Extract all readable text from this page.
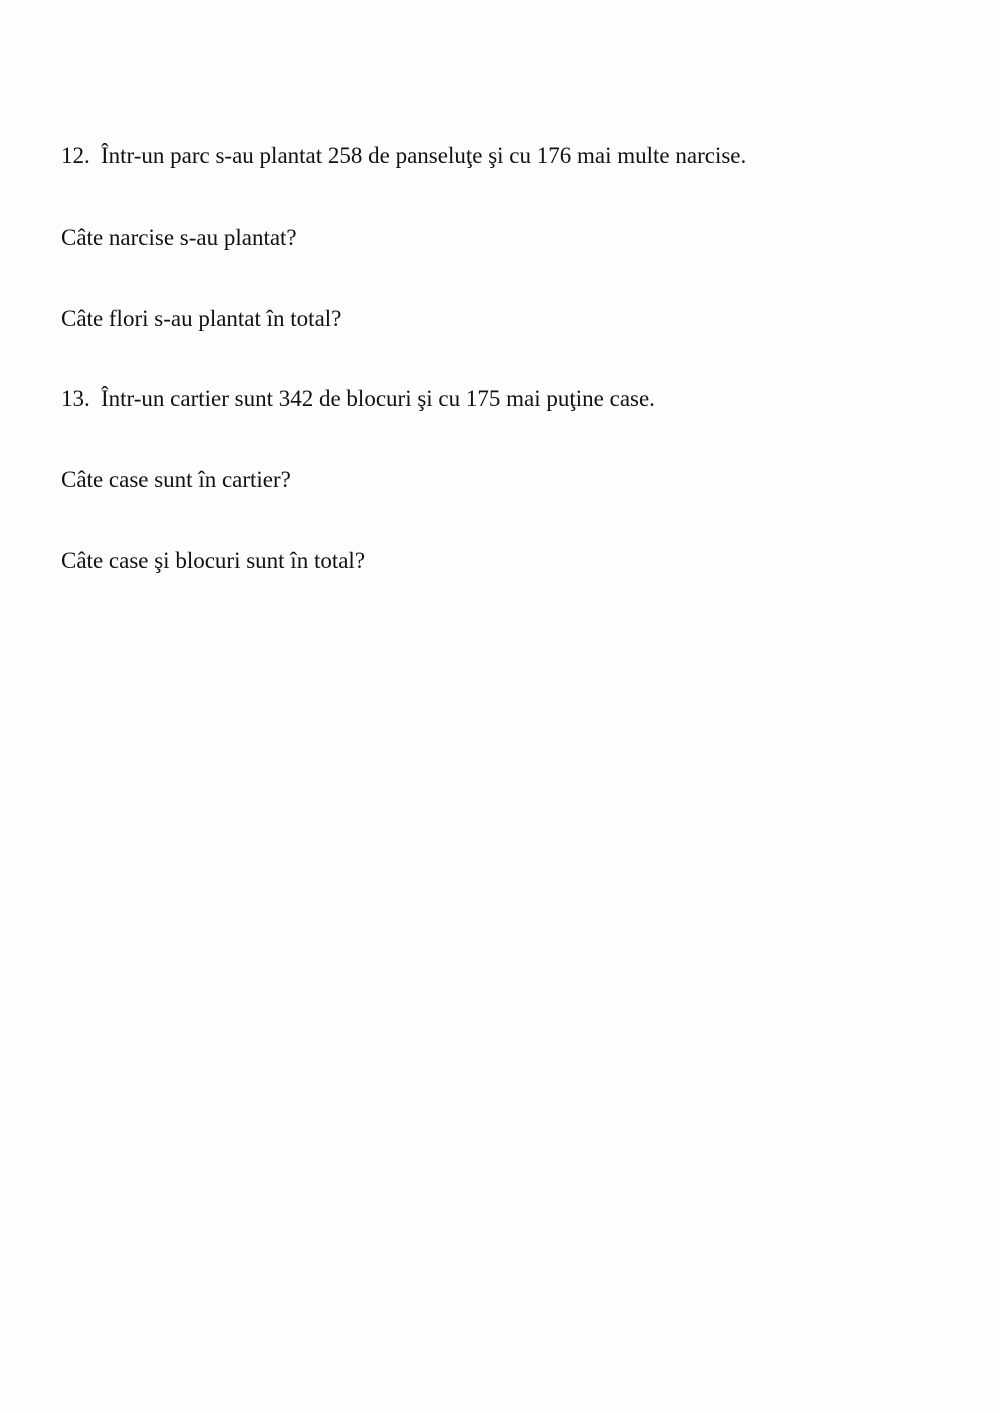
12. Într-un parc s-au plantat 258 de panseluţe şi cu 176 mai multe narcise.
Câte narcise s-au plantat?
Câte flori s-au plantat în total?
13. Într-un cartier sunt 342 de blocuri şi cu 175 mai puţine case.
Câte case sunt în cartier?
Câte case şi blocuri sunt în total?
